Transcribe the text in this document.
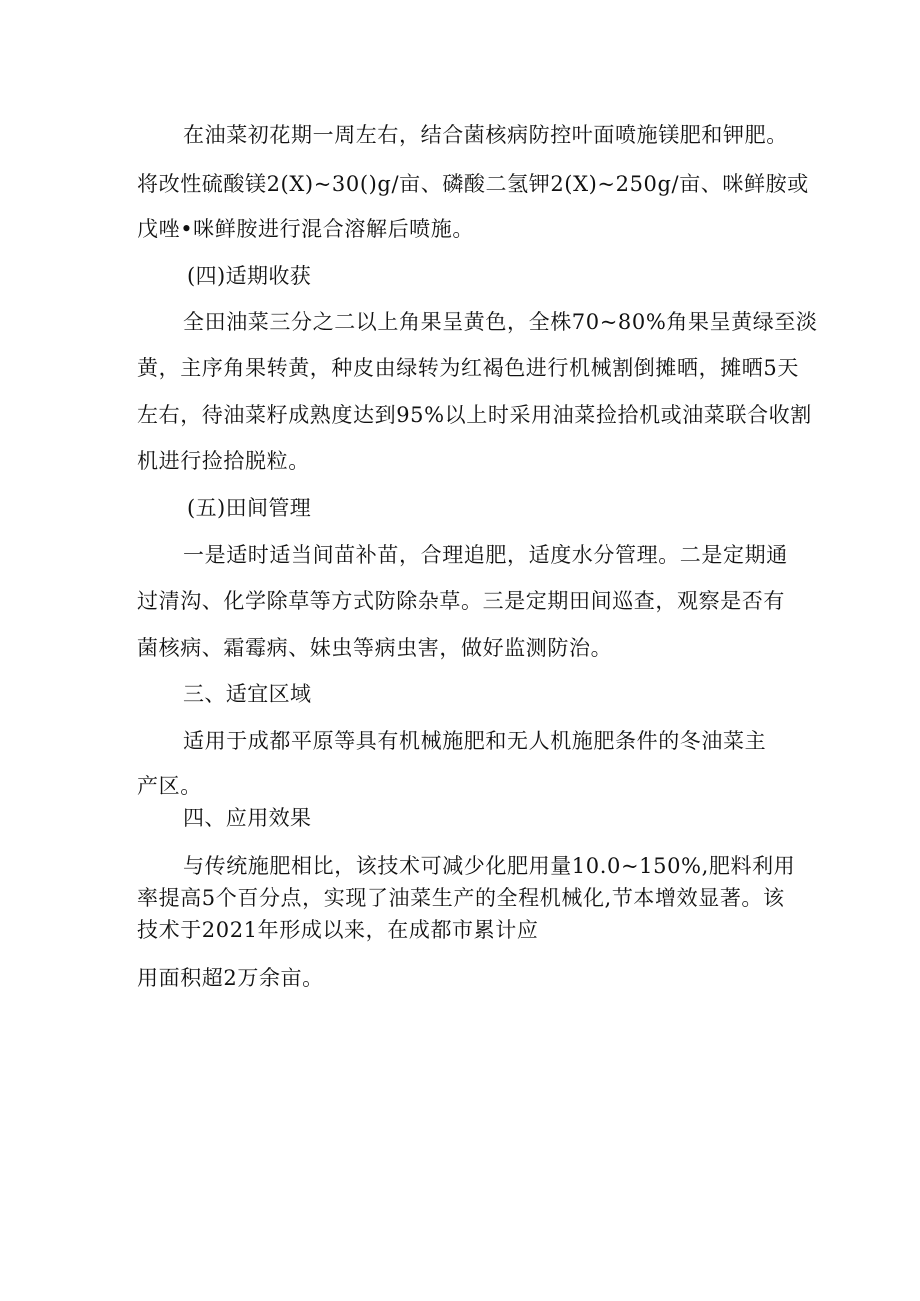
在油菜初花期一周左右，结合菌核病防控叶面喷施镁肥和钾肥。
将改性硫酸镁2(X)~30()g/亩、磷酸二氢钾2(X)~250g/亩、咪鲜胺或
戊唑•咪鲜胺进行混合溶解后喷施。
(四)适期收获
全田油菜三分之二以上角果呈黄色，全株70~80%角果呈黄绿至淡
黄，主序角果转黄，种皮由绿转为红褐色进行机械割倒摊晒，摊晒5天
左右，待油菜籽成熟度达到95%以上时采用油菜捡拾机或油菜联合收割
机进行捡拾脱粒。
(五)田间管理
一是适时适当间苗补苗，合理追肥，适度水分管理。二是定期通
过清沟、化学除草等方式防除杂草。三是定期田间巡查，观察是否有
菌核病、霜霉病、妹虫等病虫害，做好监测防治。
三、适宜区域
适用于成都平原等具有机械施肥和无人机施肥条件的冬油菜主
产区。
四、应用效果
与传统施肥相比，该技术可减少化肥用量10.0~150%,肥料利用
率提高5个百分点，实现了油菜生产的全程机械化,节本增效显著。该
技术于2021年形成以来，在成都市累计应
用面积超2万余亩。
